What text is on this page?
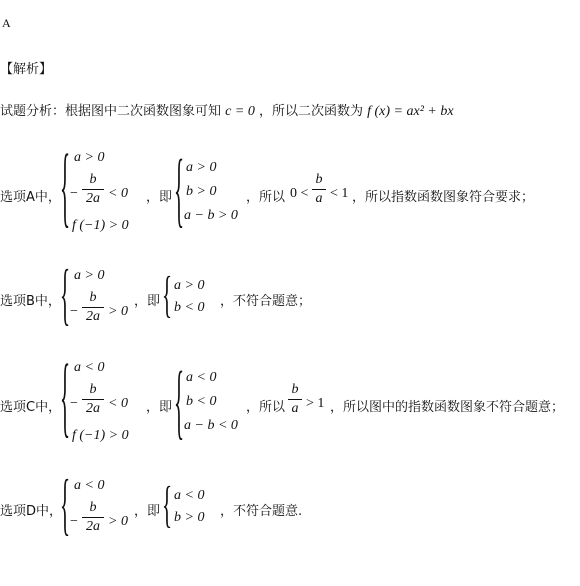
A
【解析】
试题分析：根据图中二次函数图象可知 c = 0 ，所以二次函数为 f (x) = ax² + bx
选项A中， { a > 0
−
b
2a < 0
f (−1) > 0
，即 { a > 0
b > 0
a − b > 0
，所以 0 <
b
a < 1 ，所以指数函数图象符合要求；
选项B中， { a > 0
−
b
2a > 0
，即 { a > 0
b < 0 ，不符合题意；
选项C中，
{ a < 0
−
b
2a < 0
f (−1) > 0
，即 { a < 0
b < 0
a − b < 0
，所以
b
a > 1 ，所以图中的指数函数图象不符合题意；
选项D中，
{ a < 0
−
b
2a > 0
，即 { a < 0
b > 0 ，不符合题意.
